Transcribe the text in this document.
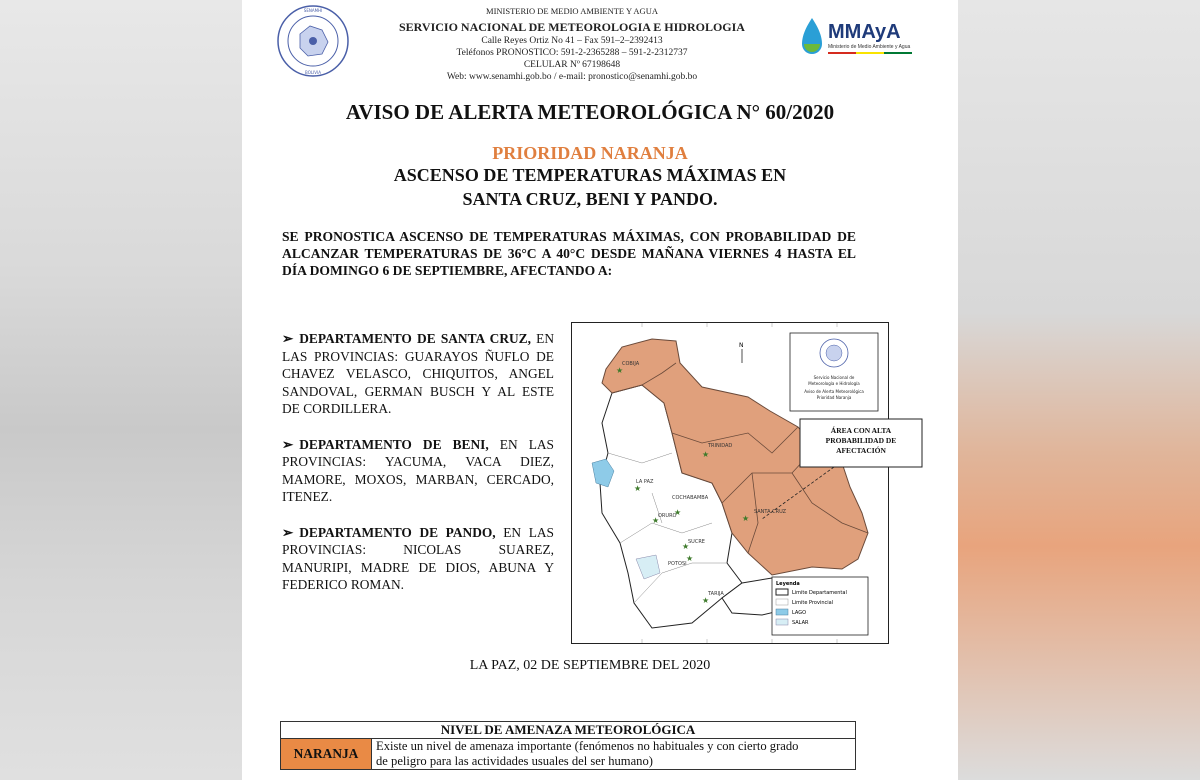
SENAMHI
BOLIVIA
MINISTERIO DE MEDIO AMBIENTE Y AGUA
SERVICIO NACIONAL DE METEOROLOGIA E HIDROLOGIA
Calle Reyes Ortiz No 41 – Fax 591–2–2392413
Teléfonos PRONOSTICO: 591-2-2365288 – 591-2-2312737
CELULAR Nº 67198648
Web: www.senamhi.gob.bo / e-mail: pronostico@senamhi.gob.bo
MMAyA
Ministerio de Medio Ambiente y Agua
AVISO DE ALERTA METEOROLÓGICA N° 60/2020
PRIORIDAD NARANJA
ASCENSO DE TEMPERATURAS MÁXIMAS EN
SANTA CRUZ, BENI Y PANDO.
SE PRONOSTICA ASCENSO DE TEMPERATURAS MÁXIMAS, CON PROBABILIDAD DE ALCANZAR TEMPERATURAS DE 36°C A 40°C DESDE MAÑANA VIERNES 4 HASTA EL DÍA DOMINGO 6 DE SEPTIEMBRE, AFECTANDO A:
➢ DEPARTAMENTO DE SANTA CRUZ, EN LAS PROVINCIAS: GUARAYOS ÑUFLO DE CHAVEZ VELASCO, CHIQUITOS, ANGEL SANDOVAL, GERMAN BUSCH Y AL ESTE DE CORDILLERA.
➢ DEPARTAMENTO DE BENI, EN LAS PROVINCIAS: YACUMA, VACA DIEZ, MAMORE, MOXOS, MARBAN, CERCADO, ITENEZ.
➢ DEPARTAMENTO DE PANDO, EN LAS PROVINCIAS: NICOLAS SUAREZ, MANURIPI, MADRE DE DIOS, ABUNA Y FEDERICO ROMAN.
★
★
★
★
★	★
★
★
★
COBIJA
TRINIDAD
LA PAZ
COCHABAMBA
SANTA CRUZ
ORURO
SUCRE
POTOSI
TARIJA
N
Servicio Nacional de
Meteorología e Hidrología
Aviso de Alerta Meteorológica
Prioridad Naranja
ÁREA CON ALTA
PROBABILIDAD DE
AFECTACIÓN
Leyenda
Limite Departamental
Limite Provincial
LAGO
SALAR
LA PAZ, 02 DE SEPTIEMBRE DEL 2020
NIVEL DE AMENAZA METEOROLÓGICA
NARANJA	Existe un nivel de amenaza importante (fenómenos no habituales y con cierto grado
de peligro para las actividades usuales del ser humano)
